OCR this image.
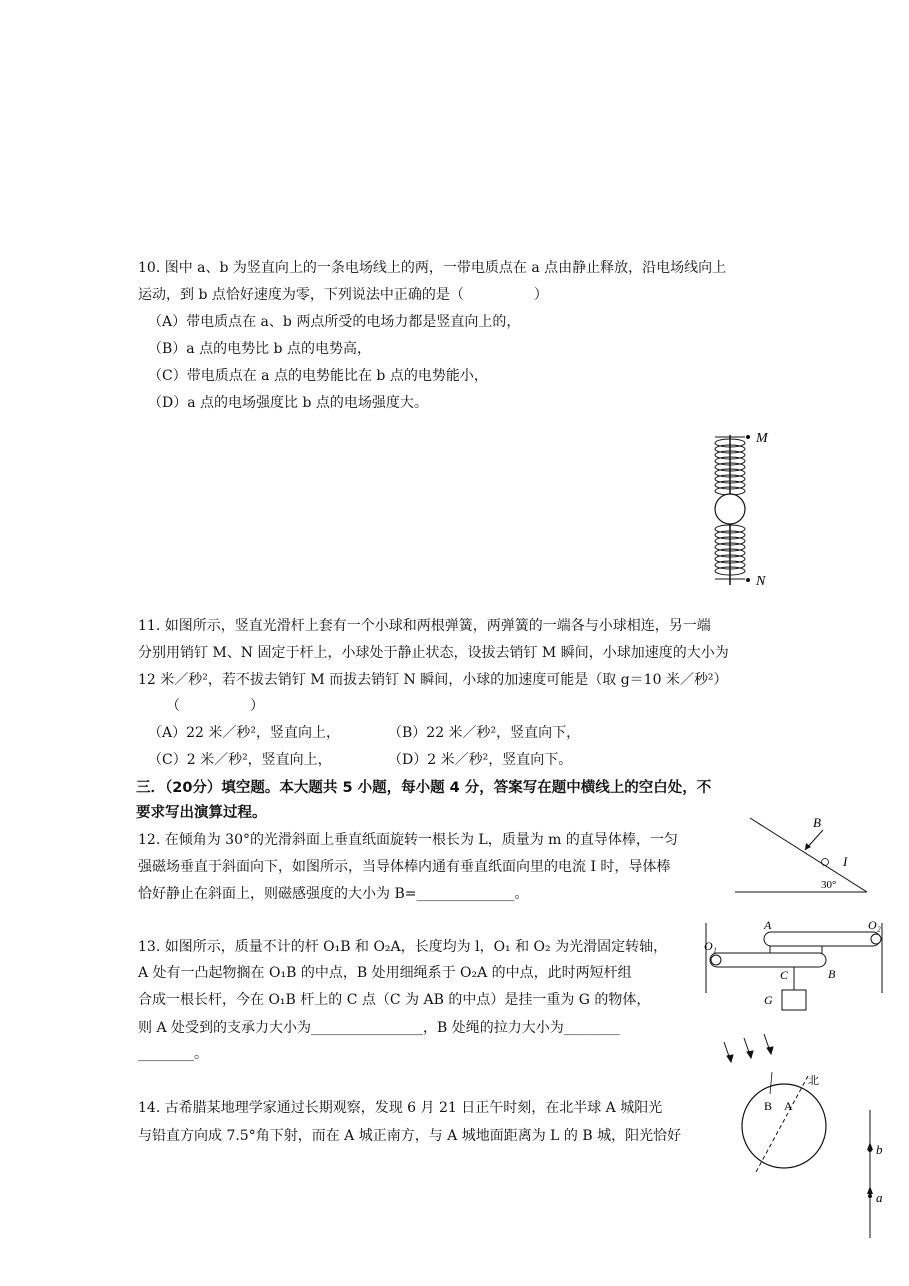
10. 图中 a、b 为竖直向上的一条电场线上的两，一带电质点在 a 点由静止释放，沿电场线向上
运动，到 b 点恰好速度为零，下列说法中正确的是（　　　　　）
（A）带电质点在 a、b 两点所受的电场力都是竖直向上的，
（B）a 点的电势比 b 点的电势高，
（C）带电质点在 a 点的电势能比在 b 点的电势能小，
（D）a 点的电场强度比 b 点的电场强度大。
M
N
11. 如图所示，竖直光滑杆上套有一个小球和两根弹簧，两弹簧的一端各与小球相连，另一端
分别用销钉 M、N 固定于杆上，小球处于静止状态，设拔去销钉 M 瞬间，小球加速度的大小为
12 米／秒²，若不拔去销钉 M 而拔去销钉 N 瞬间，小球的加速度可能是（取 g＝10 米／秒²）
（　　　　　）
（A）22 米／秒²，竖直向上，	（B）22 米／秒²，竖直向下，
（C）2 米／秒²，竖直向上，	（D）2 米／秒²，竖直向下。
三．（20分）填空题。本大题共 5 小题，每小题 4 分，答案写在题中横线上的空白处，不
要求写出演算过程。
B
I
30°
12. 在倾角为 30°的光滑斜面上垂直纸面旋转一根长为 L，质量为 m 的直导体棒，一匀
强磁场垂直于斜面向下，如图所示，当导体棒内通有垂直纸面向里的电流 I 时，导体棒
恰好静止在斜面上，则磁感强度的大小为 B=______________。
A	O₂
O₁
C	B
G
13. 如图所示，质量不计的杆 O₁B 和 O₂A，长度均为 l，O₁ 和 O₂ 为光滑固定转轴，
A 处有一凸起物搁在 O₁B 的中点，B 处用细绳系于 O₂A 的中点，此时两短杆组
合成一根长杆，今在 O₁B 杆上的 C 点（C 为 AB 的中点）是挂一重为 G 的物体，
则 A 处受到的支承力大小为________________，B 处绳的拉力大小为________
________。
B A
北
14. 古希腊某地理学家通过长期观察，发现 6 月 21 日正午时刻，在北半球 A 城阳光
与铅直方向成 7.5°角下射，而在 A 城正南方，与 A 城地面距离为 L 的 B 城，阳光恰好
b
a
